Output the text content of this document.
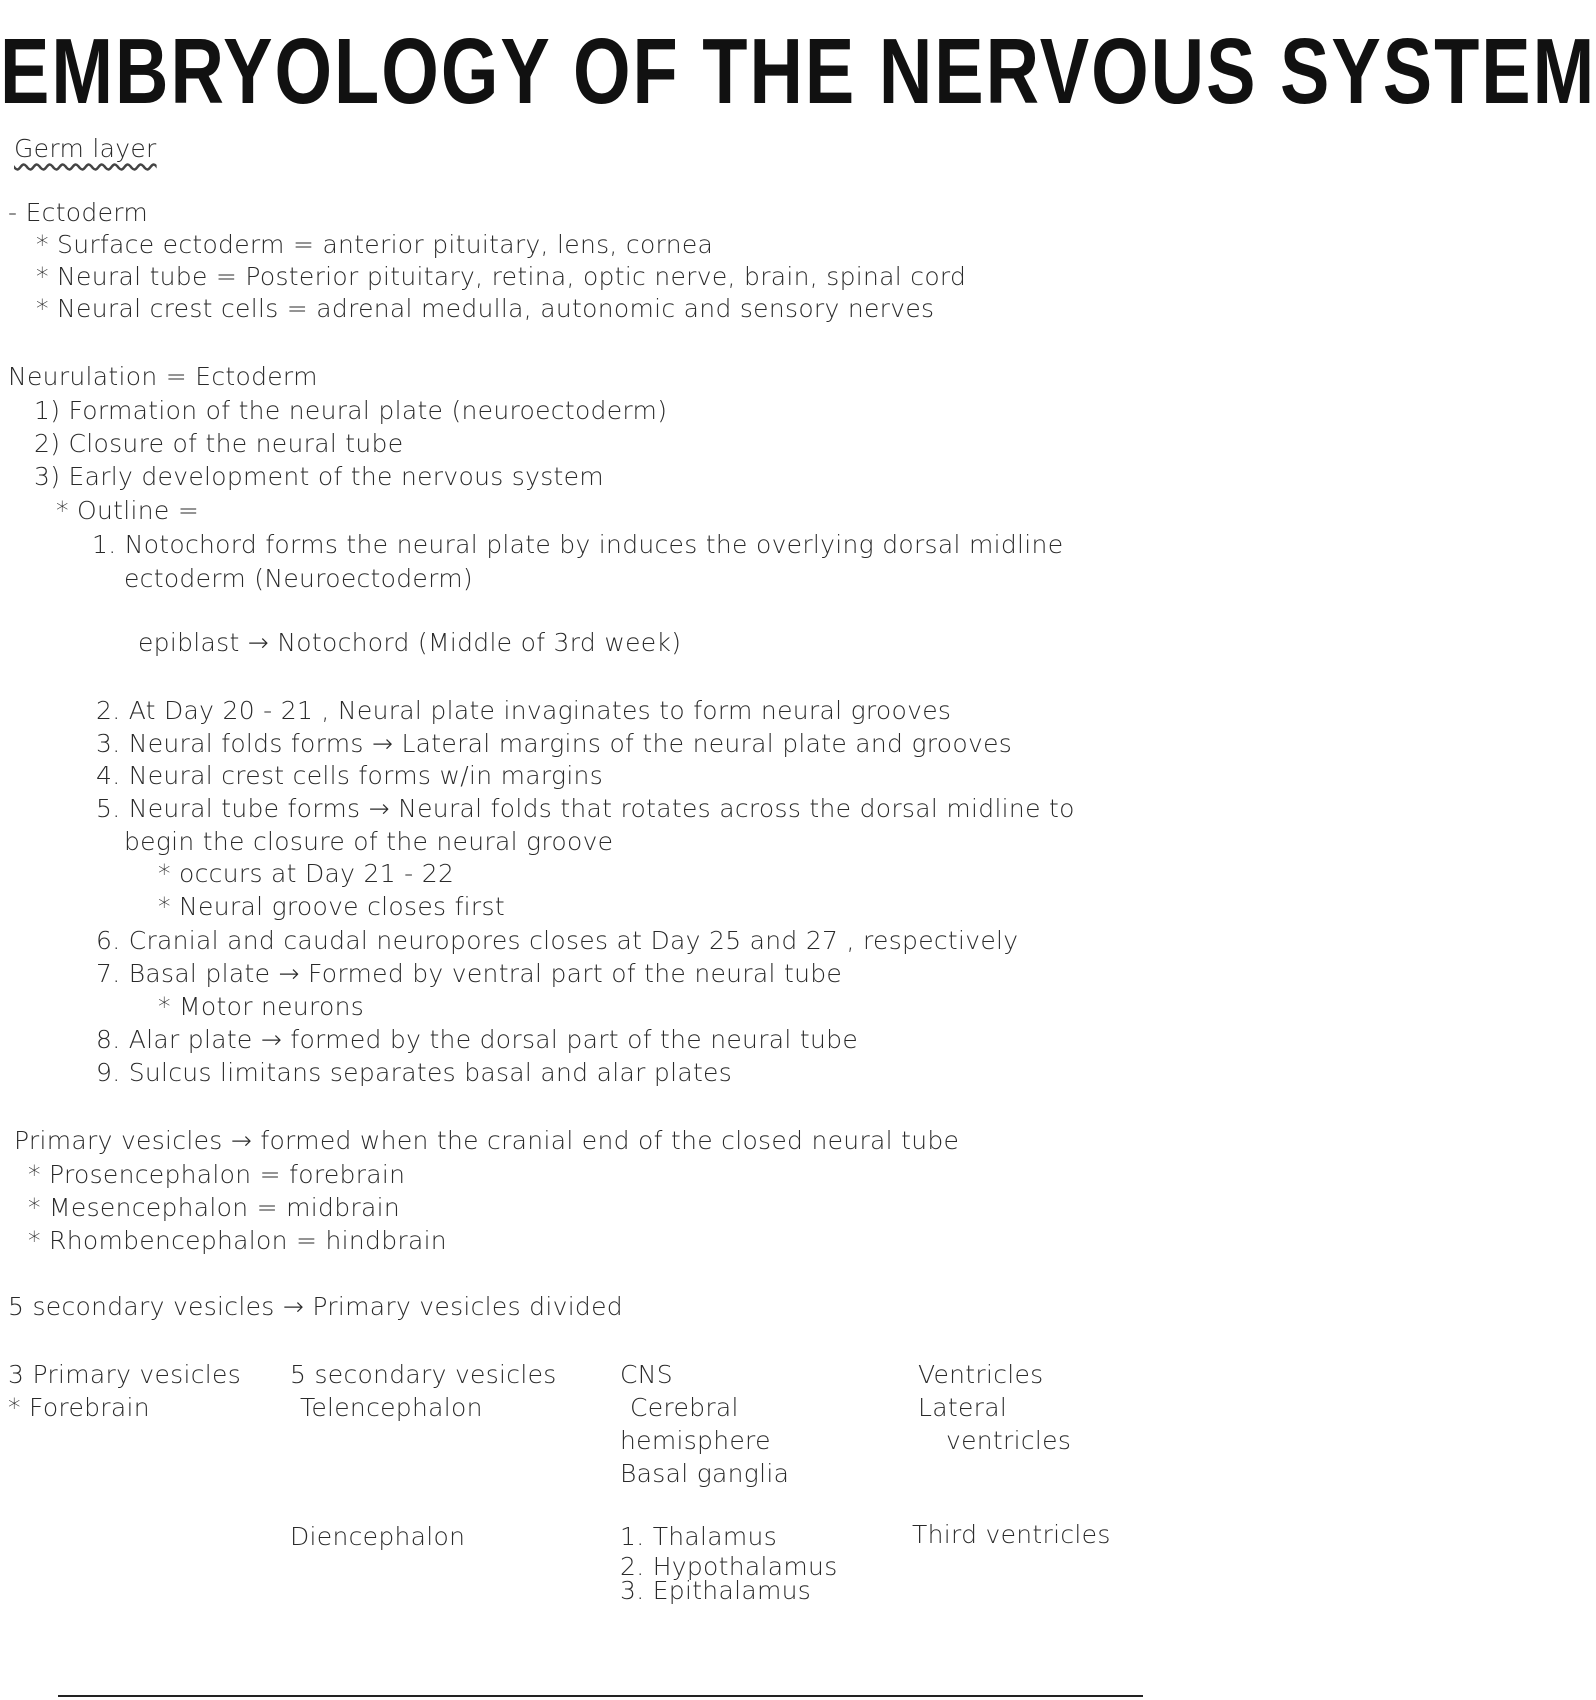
EMBRYOLOGY OF THE NERVOUS SYSTEM
Germ layer
- Ectoderm
* Surface ectoderm = anterior pituitary, lens, cornea
* Neural tube = Posterior pituitary, retina, optic nerve, brain, spinal cord
* Neural crest cells = adrenal medulla, autonomic and sensory nerves
Neurulation = Ectoderm
1) Formation of the neural plate (neuroectoderm)
2) Closure of the neural tube
3) Early development of the nervous system
* Outline =
1. Notochord forms the neural plate by induces the overlying dorsal midline
ectoderm (Neuroectoderm)
epiblast → Notochord (Middle of 3rd week)
2. At Day 20 - 21 , Neural plate invaginates to form neural grooves
3. Neural folds forms → Lateral margins of the neural plate and grooves
4. Neural crest cells forms w/in margins
5. Neural tube forms → Neural folds that rotates across the dorsal midline to
begin the closure of the neural groove
* occurs at Day 21 - 22
* Neural groove closes first
6. Cranial and caudal neuropores closes at Day 25 and 27 , respectively
7. Basal plate → Formed by ventral part of the neural tube
* Motor neurons
8. Alar plate → formed by the dorsal part of the neural tube
9. Sulcus limitans separates basal and alar plates
Primary vesicles → formed when the cranial end of the closed neural tube
* Prosencephalon = forebrain
* Mesencephalon = midbrain
* Rhombencephalon = hindbrain
5 secondary vesicles → Primary vesicles divided
3 Primary vesicles
* Forebrain
5 secondary vesicles
Telencephalon
CNS
Cerebral
hemisphere
Basal ganglia
Ventricles
Lateral
ventricles
Diencephalon	1. Thalamus
2. Hypothalamus
3. Epithalamus
Third ventricles
